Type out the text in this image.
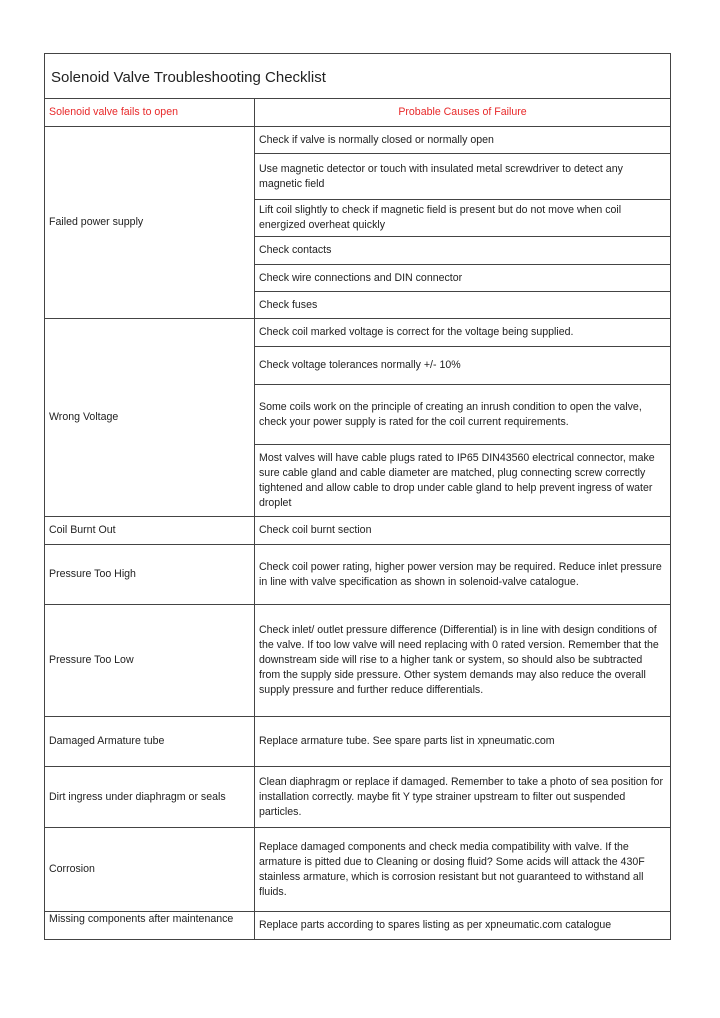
Solenoid Valve Troubleshooting Checklist	
Solenoid valve fails to open	Probable Causes of Failure
Failed power supply	Check if valve is normally closed or normally open
	Use magnetic detector or touch with insulated metal screwdriver to detect any magnetic field
	Lift coil slightly to check if magnetic field is present but do not move when coil energized overheat quickly
	Check contacts
	Check wire connections and DIN connector
	Check fuses
Wrong Voltage	Check coil marked voltage is correct for the voltage being supplied.
	Check voltage tolerances normally +/- 10%
	Some coils work on the principle of creating an inrush condition to open the valve, check your power supply is rated for the coil current requirements.
	Most valves will have cable plugs rated to IP65 DIN43560 electrical connector, make sure cable gland and cable diameter are matched, plug connecting screw correctly tightened and allow cable to drop under cable gland to help prevent ingress of water droplet
Coil Burnt Out	Check coil burnt section
Pressure Too High	Check coil power rating, higher power version may be required. Reduce inlet pressure in line with valve specification as shown in solenoid-valve catalogue.
Pressure Too Low	Check inlet/ outlet pressure difference (Differential) is in line with design conditions of the valve. If too low valve will need replacing with 0 rated version. Remember that the downstream side will rise to a higher tank or system, so should also be subtracted from the supply side pressure. Other system demands may also reduce the overall supply pressure and further reduce differentials.
Damaged Armature tube	Replace armature tube. See spare parts list in xpneumatic.com
Dirt ingress under diaphragm or seals	Clean diaphragm or replace if damaged. Remember to take a photo of sea position for installation correctly. maybe fit Y type strainer upstream to filter out suspended particles.
Corrosion	Replace damaged components and check media compatibility with valve. If the armature is pitted due to Cleaning or dosing fluid? Some acids will attack the 430F stainless armature, which is corrosion resistant but not guaranteed to withstand all fluids.
Missing components after maintenance	Replace parts according to spares listing as per xpneumatic.com catalogue
